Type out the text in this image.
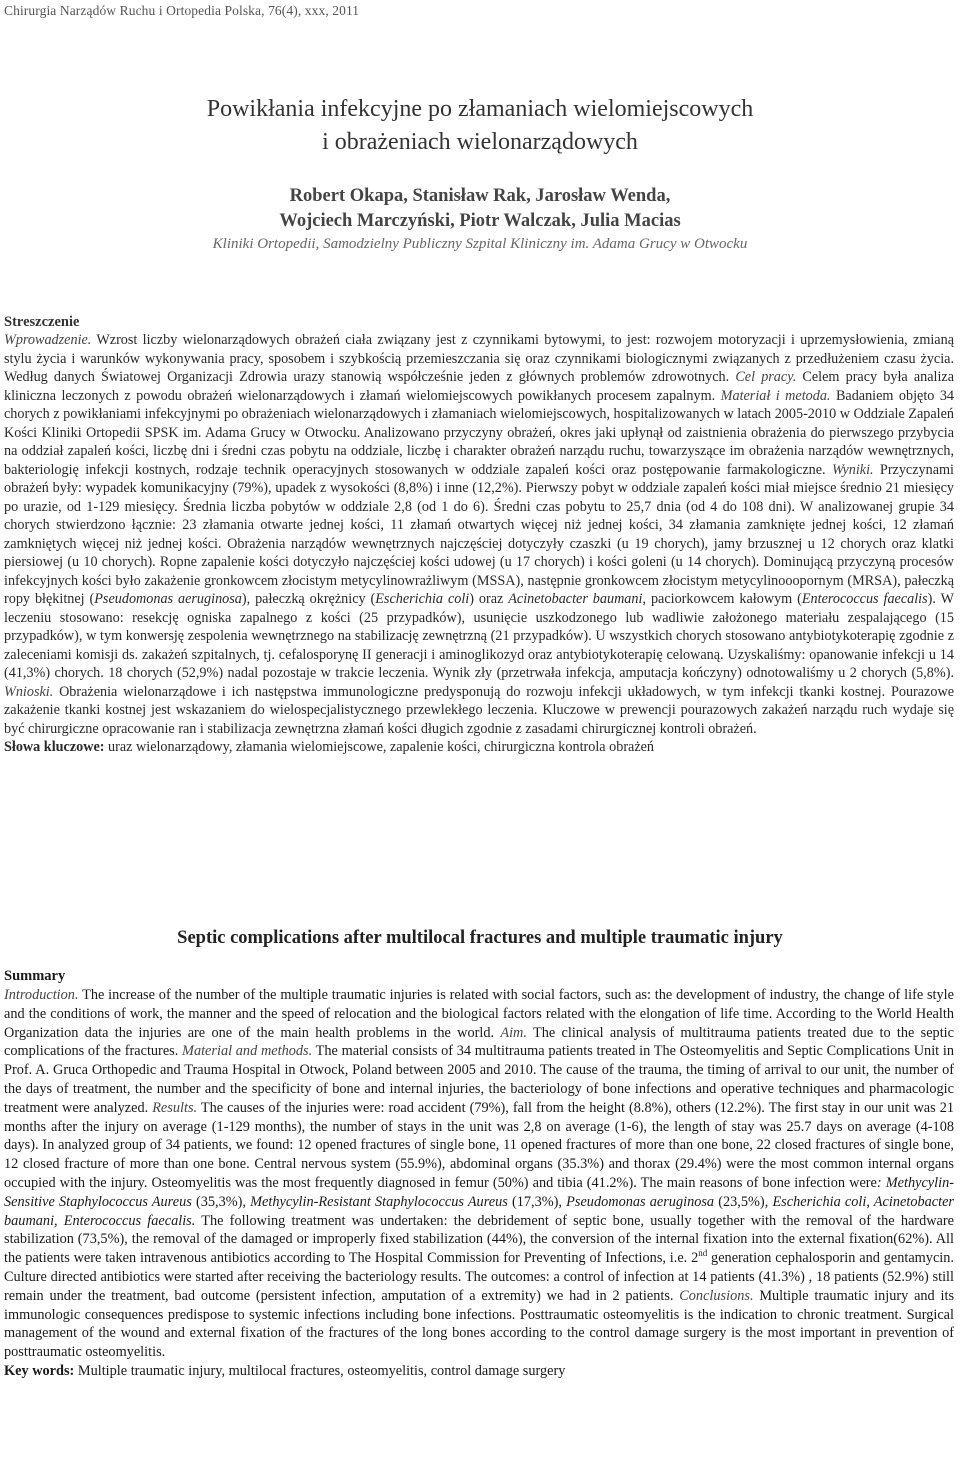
Chirurgia Narządów Ruchu i Ortopedia Polska, 76(4), xxx, 2011
Powikłania infekcyjne po złamaniach wielomiejscowych
i obrażeniach wielonarządowych
Robert Okapa, Stanisław Rak, Jarosław Wenda,
Wojciech Marczyński, Piotr Walczak, Julia Macias
Kliniki Ortopedii, Samodzielny Publiczny Szpital Kliniczny im. Adama Grucy w Otwocku
Streszczenie
Wprowadzenie. Wzrost liczby wielonarządowych obrażeń ciała związany jest z czynnikami bytowymi, to jest: rozwojem motoryzacji i uprzemysłowienia, zmianą stylu życia i warunków wykonywania pracy, sposobem i szybkością przemieszczania się oraz czynnikami biologicznymi związanych z przedłużeniem czasu życia. Według danych Światowej Organizacji Zdrowia urazy stanowią współcześnie jeden z głównych problemów zdrowotnych. Cel pracy. Celem pracy była analiza kliniczna leczonych z powodu obrażeń wielonarządowych i złamań wielomiejscowych powikłanych procesem zapalnym. Materiał i metoda. Badaniem objęto 34 chorych z powikłaniami infekcyjnymi po obrażeniach wielonarządowych i złamaniach wielomiejscowych, hospitalizowanych w latach 2005-2010 w Oddziale Zapaleń Kości Kliniki Ortopedii SPSK im. Adama Grucy w Otwocku. Analizowano przyczyny obrażeń, okres jaki upłynął od zaistnienia obrażenia do pierwszego przybycia na oddział zapaleń kości, liczbę dni i średni czas pobytu na oddziale, liczbę i charakter obrażeń narządu ruchu, towarzyszące im obrażenia narządów wewnętrznych, bakteriologię infekcji kostnych, rodzaje technik operacyjnych stosowanych w oddziale zapaleń kości oraz postępowanie farmakologiczne. Wyniki. Przyczynami obrażeń były: wypadek komunikacyjny (79%), upadek z wysokości (8,8%) i inne (12,2%). Pierwszy pobyt w oddziale zapaleń kości miał miejsce średnio 21 miesięcy po urazie, od 1-129 miesięcy. Średnia liczba pobytów w oddziale 2,8 (od 1 do 6). Średni czas pobytu to 25,7 dnia (od 4 do 108 dni). W analizowanej grupie 34 chorych stwierdzono łącznie: 23 złamania otwarte jednej kości, 11 złamań otwartych więcej niż jednej kości, 34 złamania zamknięte jednej kości, 12 złamań zamkniętych więcej niż jednej kości. Obrażenia narządów wewnętrznych najczęściej dotyczyły czaszki (u 19 chorych), jamy brzusznej u 12 chorych oraz klatki piersiowej (u 10 chorych). Ropne zapalenie kości dotyczyło najczęściej kości udowej (u 17 chorych) i kości goleni (u 14 chorych). Dominującą przyczyną procesów infekcyjnych kości było zakażenie gronkowcem złocistym metycylinowrażliwym (MSSA), następnie gronkowcem złocistym metycylinooopornym (MRSA), pałeczką ropy błękitnej (Pseudomonas aeruginosa), pałeczką okrężnicy (Escherichia coli) oraz Acinetobacter baumani, paciorkowcem kałowym (Enterococcus faecalis). W leczeniu stosowano: resekcję ogniska zapalnego z kości (25 przypadków), usunięcie uszkodzonego lub wadliwie założonego materiału zespalającego (15 przypadków), w tym konwersję zespolenia wewnętrznego na stabilizację zewnętrzną (21 przypadków). U wszystkich chorych stosowano antybiotykoterapię zgodnie z zaleceniami komisji ds. zakażeń szpitalnych, tj. cefalosporynę II generacji i aminoglikozyd oraz antybiotykoterapię celowaną. Uzyskaliśmy: opanowanie infekcji u 14 (41,3%) chorych. 18 chorych (52,9%) nadal pozostaje w trakcie leczenia. Wynik zły (przetrwała infekcja, amputacja kończyny) odnotowaliśmy u 2 chorych (5,8%). Wnioski. Obrażenia wielonarządowe i ich następstwa immunologiczne predysponują do rozwoju infekcji układowych, w tym infekcji tkanki kostnej. Pourazowe zakażenie tkanki kostnej jest wskazaniem do wielospecjalistycznego przewlekłego leczenia. Kluczowe w prewencji pourazowych zakażeń narządu ruch wydaje się być chirurgiczne opracowanie ran i stabilizacja zewnętrzna złamań kości długich zgodnie z zasadami chirurgicznej kontroli obrażeń.
Słowa kluczowe: uraz wielonarządowy, złamania wielomiejscowe, zapalenie kości, chirurgiczna kontrola obrażeń
Septic complications after multilocal fractures and multiple traumatic injury
Summary
Introduction. The increase of the number of the multiple traumatic injuries is related with social factors, such as: the development of industry, the change of life style and the conditions of work, the manner and the speed of relocation and the biological factors related with the elongation of life time. According to the World Health Organization data the injuries are one of the main health problems in the world. Aim. The clinical analysis of multitrauma patients treated due to the septic complications of the fractures. Material and methods. The material consists of 34 multitrauma patients treated in The Osteomyelitis and Septic Complications Unit in Prof. A. Gruca Orthopedic and Trauma Hospital in Otwock, Poland between 2005 and 2010. The cause of the trauma, the timing of arrival to our unit, the number of the days of treatment, the number and the specificity of bone and internal injuries, the bacteriology of bone infections and operative techniques and pharmacologic treatment were analyzed. Results. The causes of the injuries were: road accident (79%), fall from the height (8.8%), others (12.2%). The first stay in our unit was 21 months after the injury on average (1-129 months), the number of stays in the unit was 2,8 on average (1-6), the length of stay was 25.7 days on average (4-108 days). In analyzed group of 34 patients, we found: 12 opened fractures of single bone, 11 opened fractures of more than one bone, 22 closed fractures of single bone, 12 closed fracture of more than one bone. Central nervous system (55.9%), abdominal organs (35.3%) and thorax (29.4%) were the most common internal organs occupied with the injury. Osteomyelitis was the most frequently diagnosed in femur (50%) and tibia (41.2%). The main reasons of bone infection were: Methycylin-Sensitive Staphylococcus Aureus (35,3%), Methycylin-Resistant Staphylococcus Aureus (17,3%), Pseudomonas aeruginosa (23,5%), Escherichia coli, Acinetobacter baumani, Enterococcus faecalis. The following treatment was undertaken: the debridement of septic bone, usually together with the removal of the hardware stabilization (73,5%), the removal of the damaged or improperly fixed stabilization (44%), the conversion of the internal fixation into the external fixation(62%). All the patients were taken intravenous antibiotics according to The Hospital Commission for Preventing of Infections, i.e. 2nd generation cephalosporin and gentamycin. Culture directed antibiotics were started after receiving the bacteriology results. The outcomes: a control of infection at 14 patients (41.3%) , 18 patients (52.9%) still remain under the treatment, bad outcome (persistent infection, amputation of a extremity) we had in 2 patients. Conclusions. Multiple traumatic injury and its immunologic consequences predispose to systemic infections including bone infections. Posttraumatic osteomyelitis is the indication to chronic treatment. Surgical management of the wound and external fixation of the fractures of the long bones according to the control damage surgery is the most important in prevention of posttraumatic osteomyelitis.
Key words: Multiple traumatic injury, multilocal fractures, osteomyelitis, control damage surgery
